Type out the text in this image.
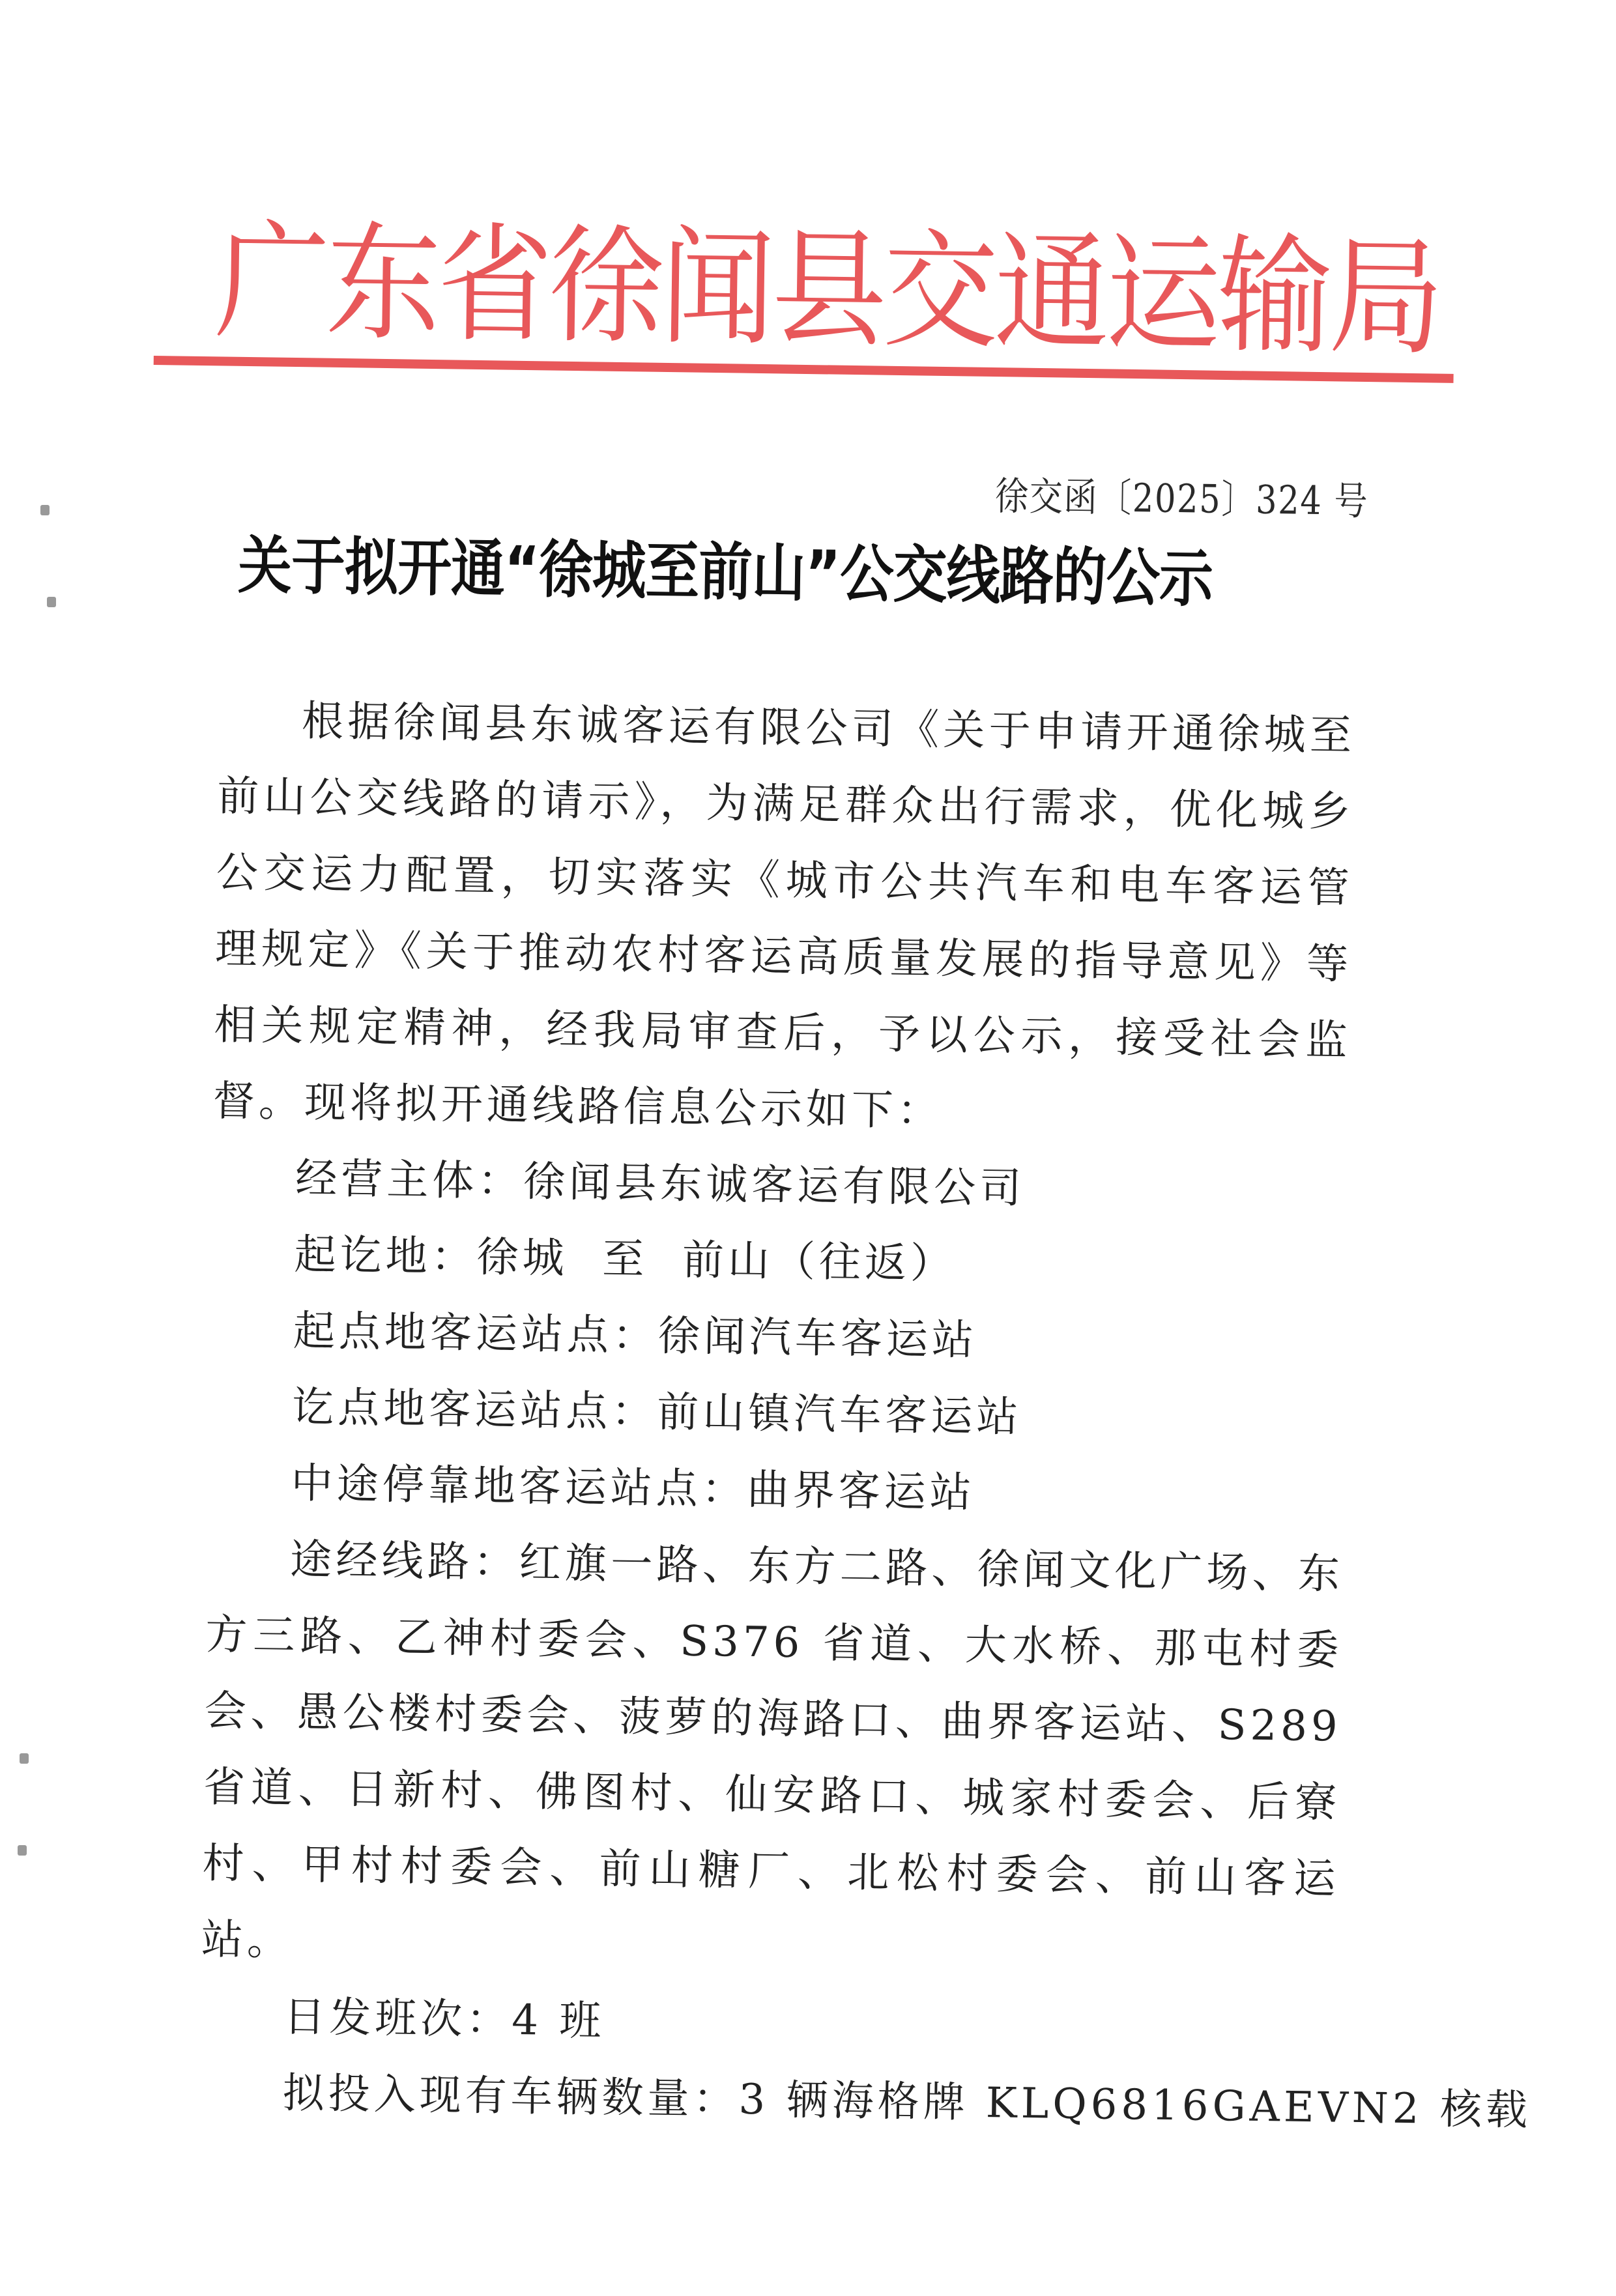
广东省徐闻县交通运输局
徐交函〔2025〕324 号
关于拟开通“徐城至前山”公交线路的公示

根据徐闻县东诚客运有限公司《关于申请开通徐城至前山公交线路的请示》，为满足群众出行需求，优化城乡公交运力配置，切实落实《城市公共汽车和电车客运管理规定》《关于推动农村客运高质量发展的指导意见》等相关规定精神，经我局审查后，予以公示，接受社会监督。现将拟开通线路信息公示如下：

经营主体：徐闻县东诚客运有限公司

起讫地：徐城  至  前山（往返）

起点地客运站点：徐闻汽车客运站

讫点地客运站点：前山镇汽车客运站

中途停靠地客运站点：曲界客运站

途经线路：红旗一路、东方二路、徐闻文化广场、东方三路、乙神村委会、S376 省道、大水桥、那屯村委会、愚公楼村委会、菠萝的海路口、曲界客运站、S289 省道、日新村、佛图村、仙安路口、城家村委会、后寮村、甲村村委会、前山糖厂、北松村委会、前山客运站。

日发班次：4 班

拟投入现有车辆数量：3 辆海格牌 KLQ6816GAEVN2 核载
